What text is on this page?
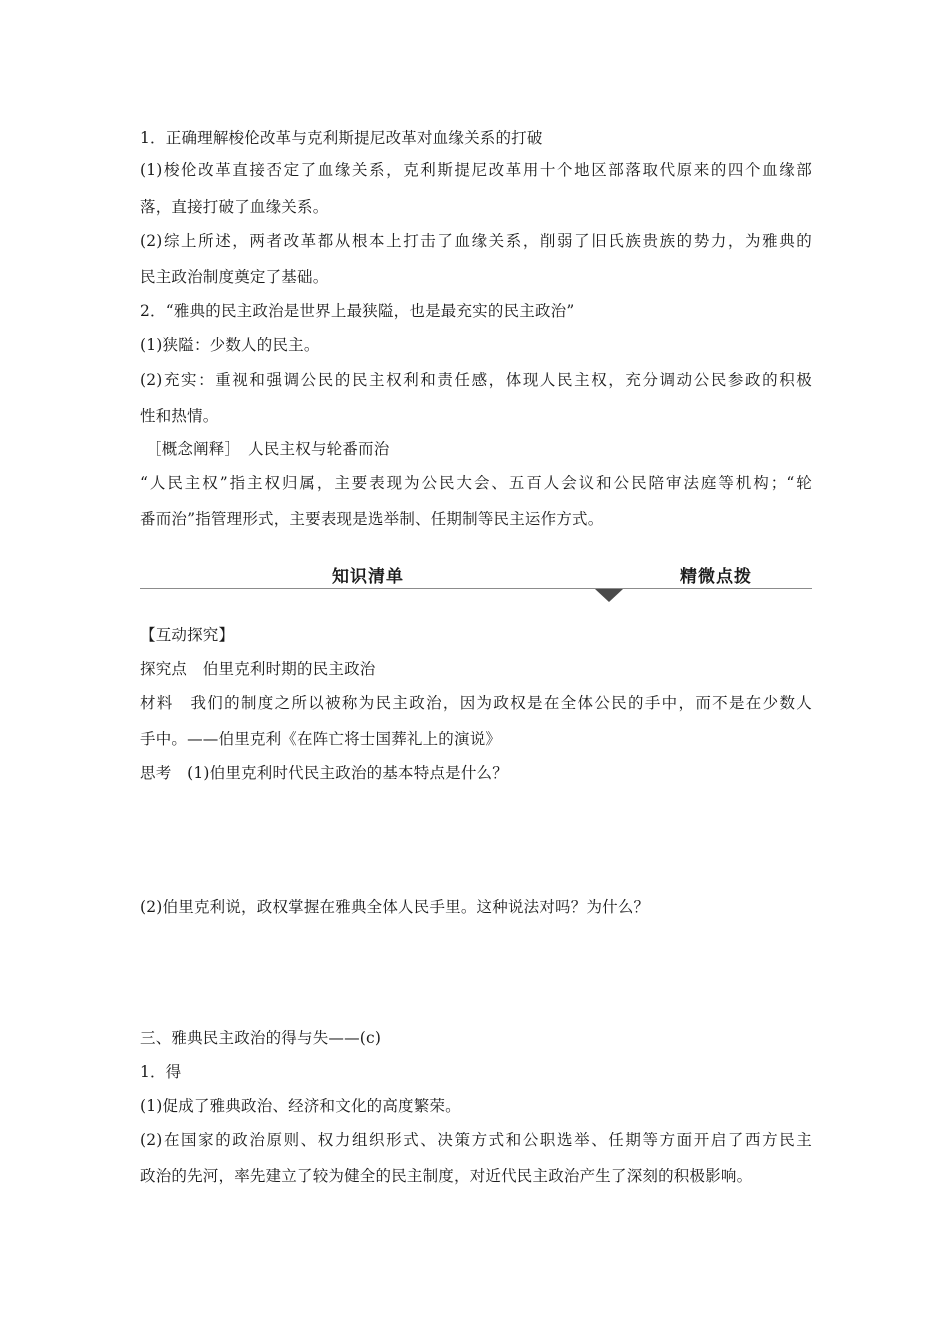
1．正确理解梭伦改革与克利斯提尼改革对血缘关系的打破
(1)梭伦改革直接否定了血缘关系，克利斯提尼改革用十个地区部落取代原来的四个血缘部
落，直接打破了血缘关系。
(2)综上所述，两者改革都从根本上打击了血缘关系，削弱了旧氏族贵族的势力，为雅典的
民主政治制度奠定了基础。
2．“雅典的民主政治是世界上最狭隘，也是最充实的民主政治”
(1)狭隘：少数人的民主。
(2)充实：重视和强调公民的民主权利和责任感，体现人民主权，充分调动公民参政的积极
性和热情。
［概念阐释］　人民主权与轮番而治
“人民主权”指主权归属，主要表现为公民大会、五百人会议和公民陪审法庭等机构；“轮
番而治”指管理形式，主要表现是选举制、任期制等民主运作方式。
知识清单	精微点拨
【互动探究】
探究点　伯里克利时期的民主政治
材料　我们的制度之所以被称为民主政治，因为政权是在全体公民的手中，而不是在少数人
手中。——伯里克利《在阵亡将士国葬礼上的演说》
思考　(1)伯里克利时代民主政治的基本特点是什么？
(2)伯里克利说，政权掌握在雅典全体人民手里。这种说法对吗？为什么？
三、雅典民主政治的得与失——(c)
1．得
(1)促成了雅典政治、经济和文化的高度繁荣。
(2)在国家的政治原则、权力组织形式、决策方式和公职选举、任期等方面开启了西方民主
政治的先河，率先建立了较为健全的民主制度，对近代民主政治产生了深刻的积极影响。
